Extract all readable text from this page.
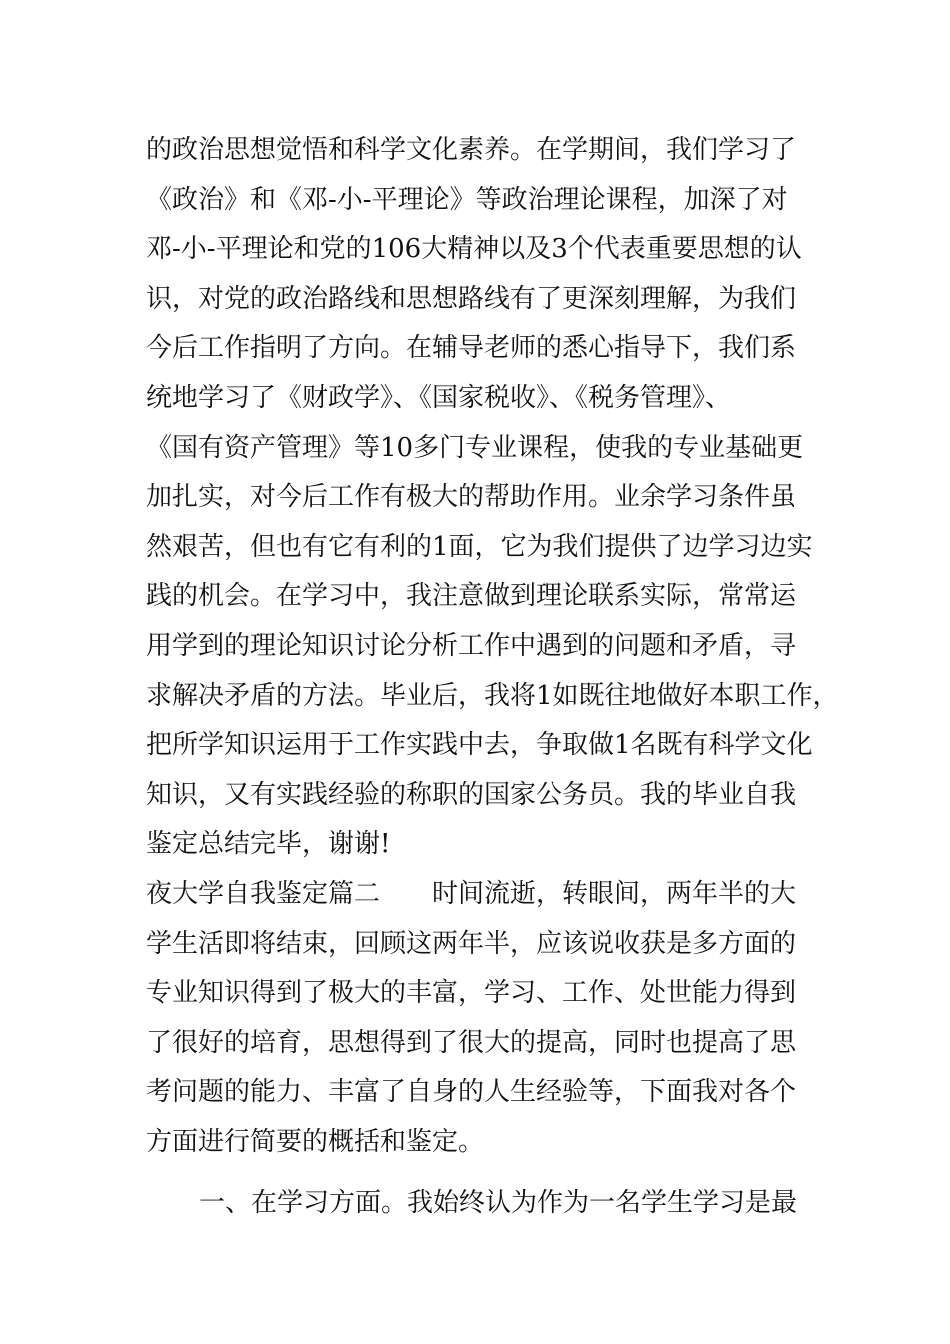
的政治思想觉悟和科学文化素养。在学期间，我们学习了
《政治》和《邓-小-平理论》等政治理论课程，加深了对
邓-小-平理论和党的106大精神以及3个代表重要思想的认
识，对党的政治路线和思想路线有了更深刻理解，为我们
今后工作指明了方向。在辅导老师的悉心指导下，我们系
统地学习了《财政学》、《国家税收》、《税务管理》、
《国有资产管理》等10多门专业课程，使我的专业基础更
加扎实，对今后工作有极大的帮助作用。业余学习条件虽
然艰苦，但也有它有利的1面，它为我们提供了边学习边实
践的机会。在学习中，我注意做到理论联系实际，常常运
用学到的理论知识讨论分析工作中遇到的问题和矛盾，寻
求解决矛盾的方法。毕业后，我将1如既往地做好本职工作，
把所学知识运用于工作实践中去，争取做1名既有科学文化
知识，又有实践经验的称职的国家公务员。我的毕业自我
鉴定总结完毕，谢谢!
夜大学自我鉴定篇二　　时间流逝，转眼间，两年半的大
学生活即将结束，回顾这两年半，应该说收获是多方面的
专业知识得到了极大的丰富，学习、工作、处世能力得到
了很好的培育，思想得到了很大的提高，同时也提高了思
考问题的能力、丰富了自身的人生经验等，下面我对各个
方面进行简要的概括和鉴定。
一、在学习方面。我始终认为作为一名学生学习是最
